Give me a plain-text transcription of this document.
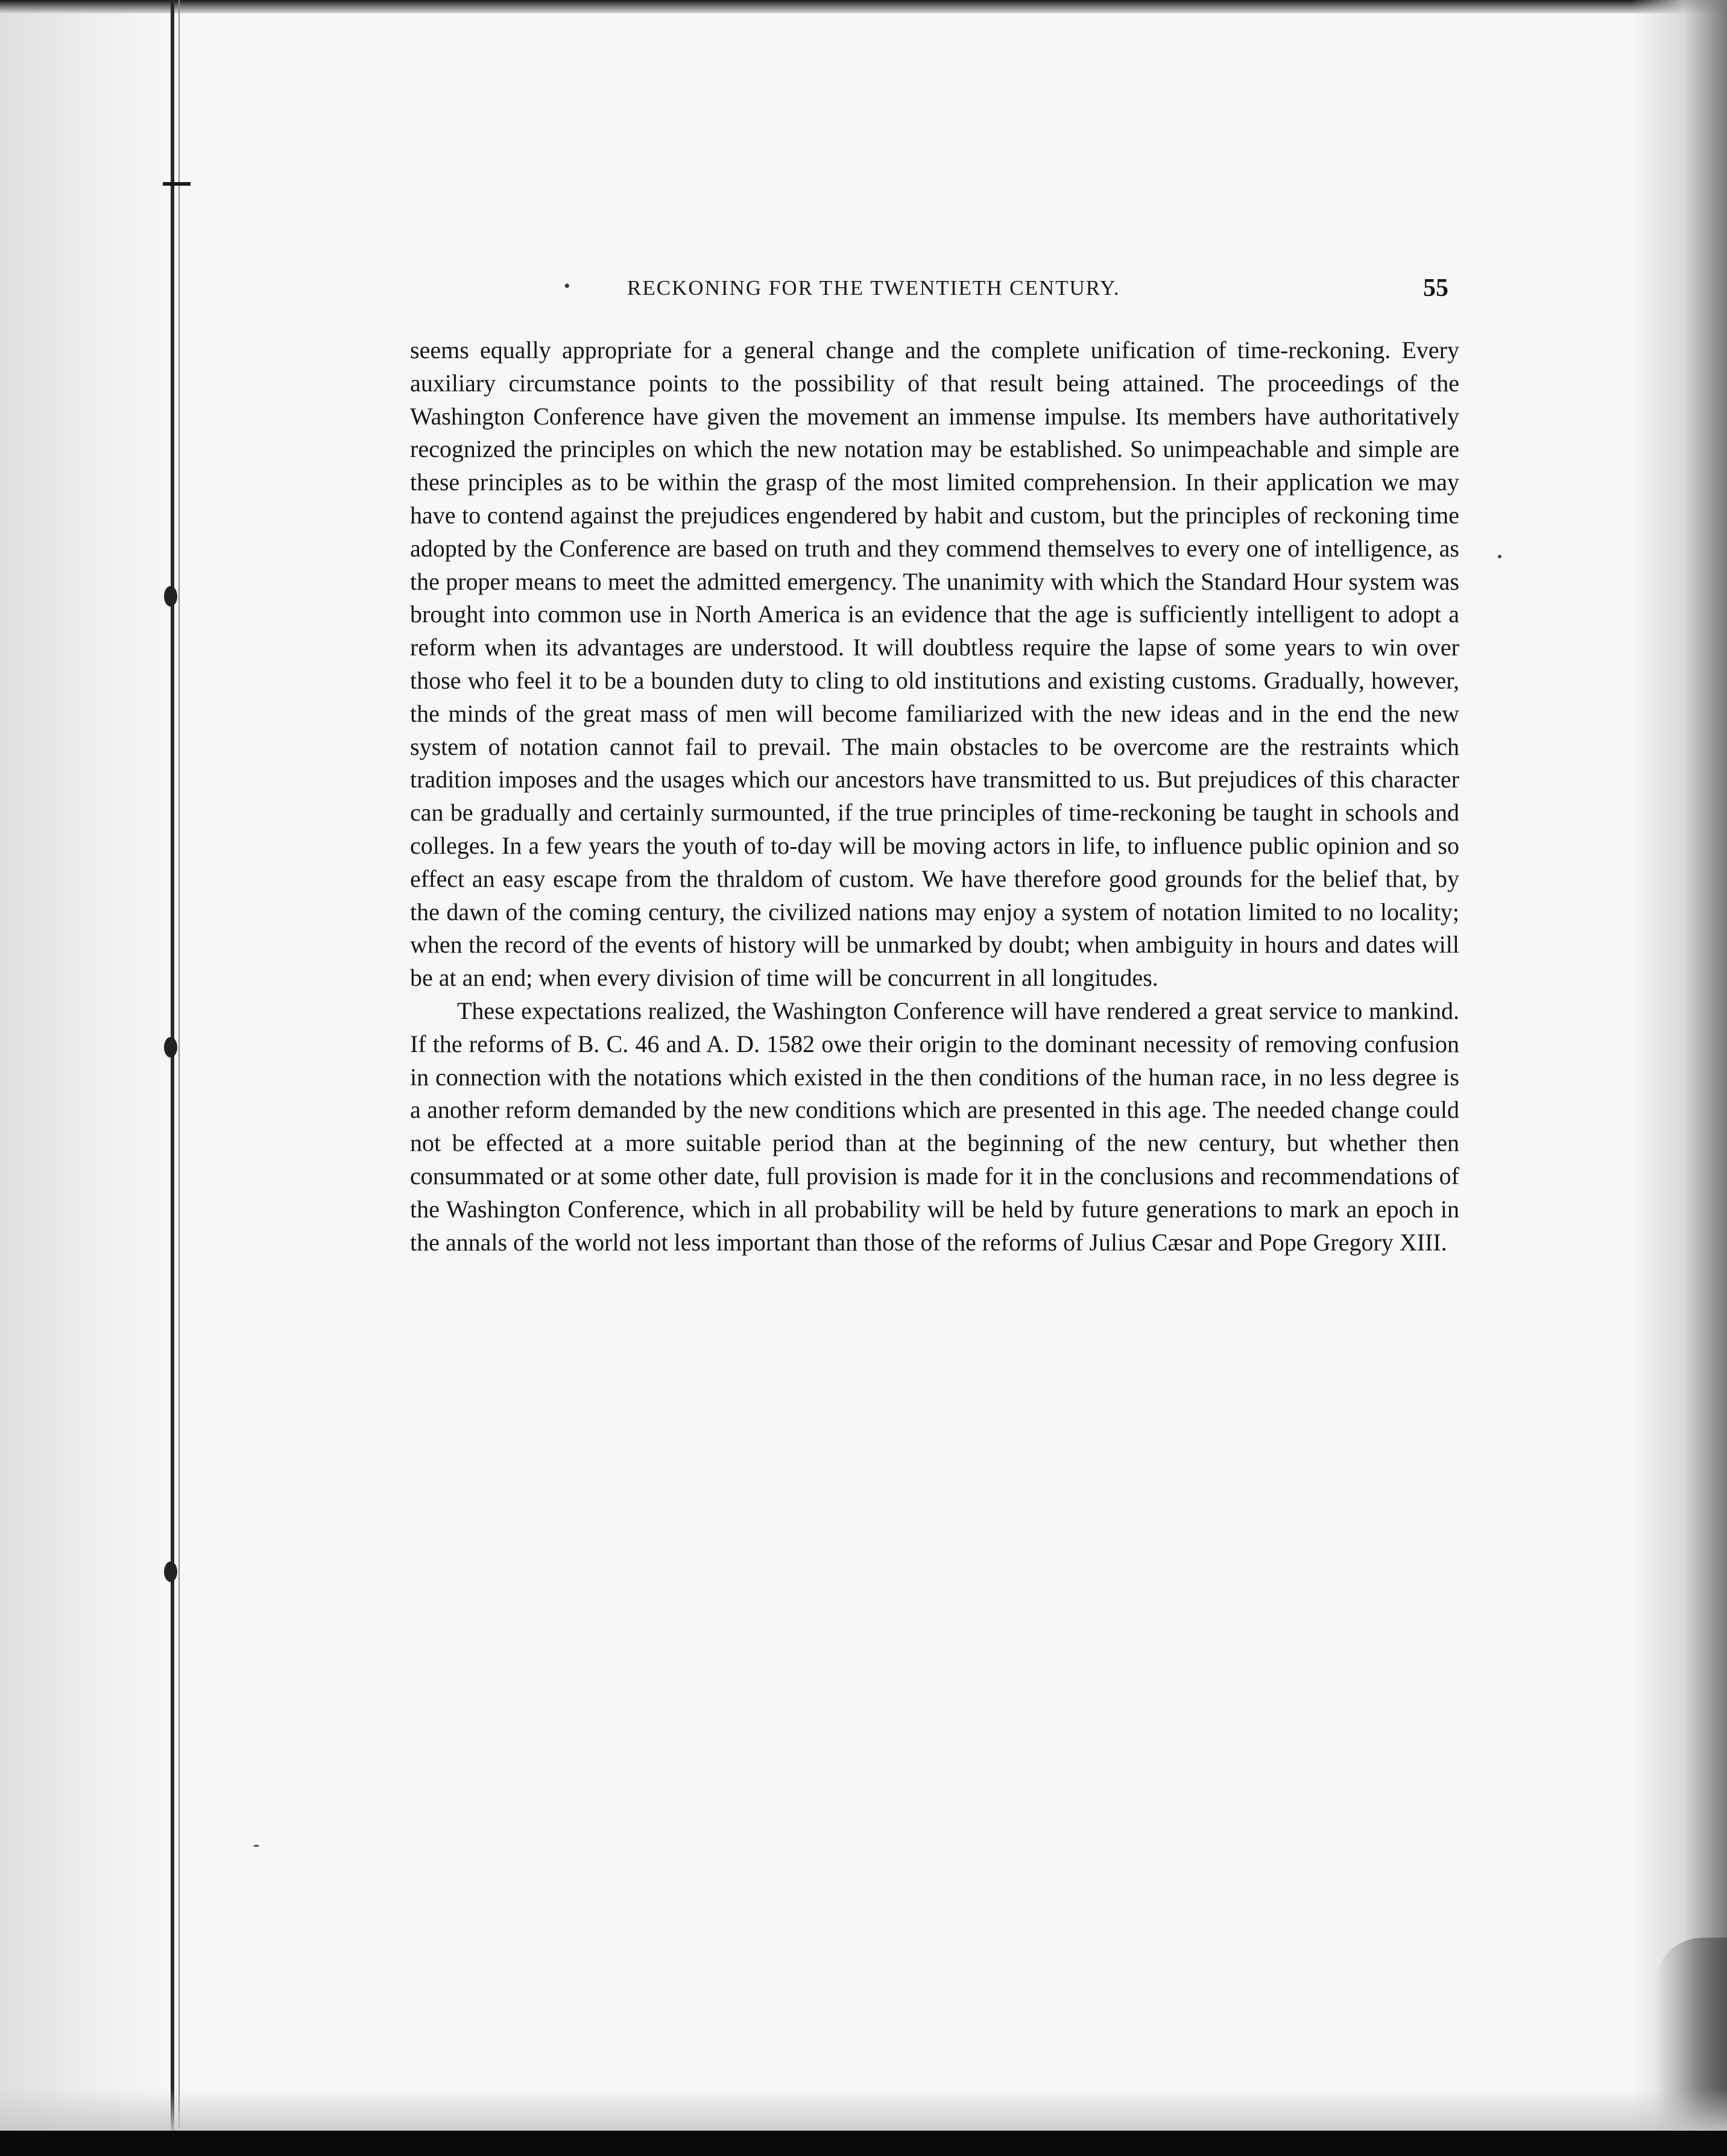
•	RECKONING FOR THE TWENTIETH CENTURY.	55

seems equally appropriate for a general change and the complete unification of time-reckoning. Every auxiliary circumstance points to the possibility of that result being attained. The proceedings of the Washington Conference have given the movement an immense impulse. Its members have authoritatively recognized the principles on which the new notation may be established. So unimpeachable and simple are these principles as to be within the grasp of the most limited comprehension. In their application we may have to contend against the prejudices engendered by habit and custom, but the principles of reckoning time adopted by the Conference are based on truth and they commend themselves to every one of intelligence, as the proper means to meet the admitted emergency. The unanimity with which the Standard Hour system was brought into common use in North America is an evidence that the age is sufficiently intelligent to adopt a reform when its advantages are understood. It will doubtless require the lapse of some years to win over those who feel it to be a bounden duty to cling to old institutions and existing customs. Gradually, however, the minds of the great mass of men will become familiarized with the new ideas and in the end the new system of notation cannot fail to prevail. The main obstacles to be overcome are the restraints which tradition imposes and the usages which our ancestors have transmitted to us. But prejudices of this character can be gradually and certainly surmounted, if the true principles of time-reckoning be taught in schools and colleges. In a few years the youth of to-day will be moving actors in life, to influence public opinion and so effect an easy escape from the thraldom of custom. We have therefore good grounds for the belief that, by the dawn of the coming century, the civilized nations may enjoy a system of notation limited to no locality; when the record of the events of history will be unmarked by doubt; when ambiguity in hours and dates will be at an end; when every division of time will be concurrent in all longitudes.

These expectations realized, the Washington Conference will have rendered a great service to mankind. If the reforms of B. C. 46 and A. D. 1582 owe their origin to the dominant necessity of removing confusion in connection with the notations which existed in the then conditions of the human race, in no less degree is a another reform demanded by the new conditions which are presented in this age. The needed change could not be effected at a more suitable period than at the beginning of the new century, but whether then consummated or at some other date, full provision is made for it in the conclusions and recommendations of the Washington Conference, which in all probability will be held by future generations to mark an epoch in the annals of the world not less important than those of the reforms of Julius Cæsar and Pope Gregory XIII.
